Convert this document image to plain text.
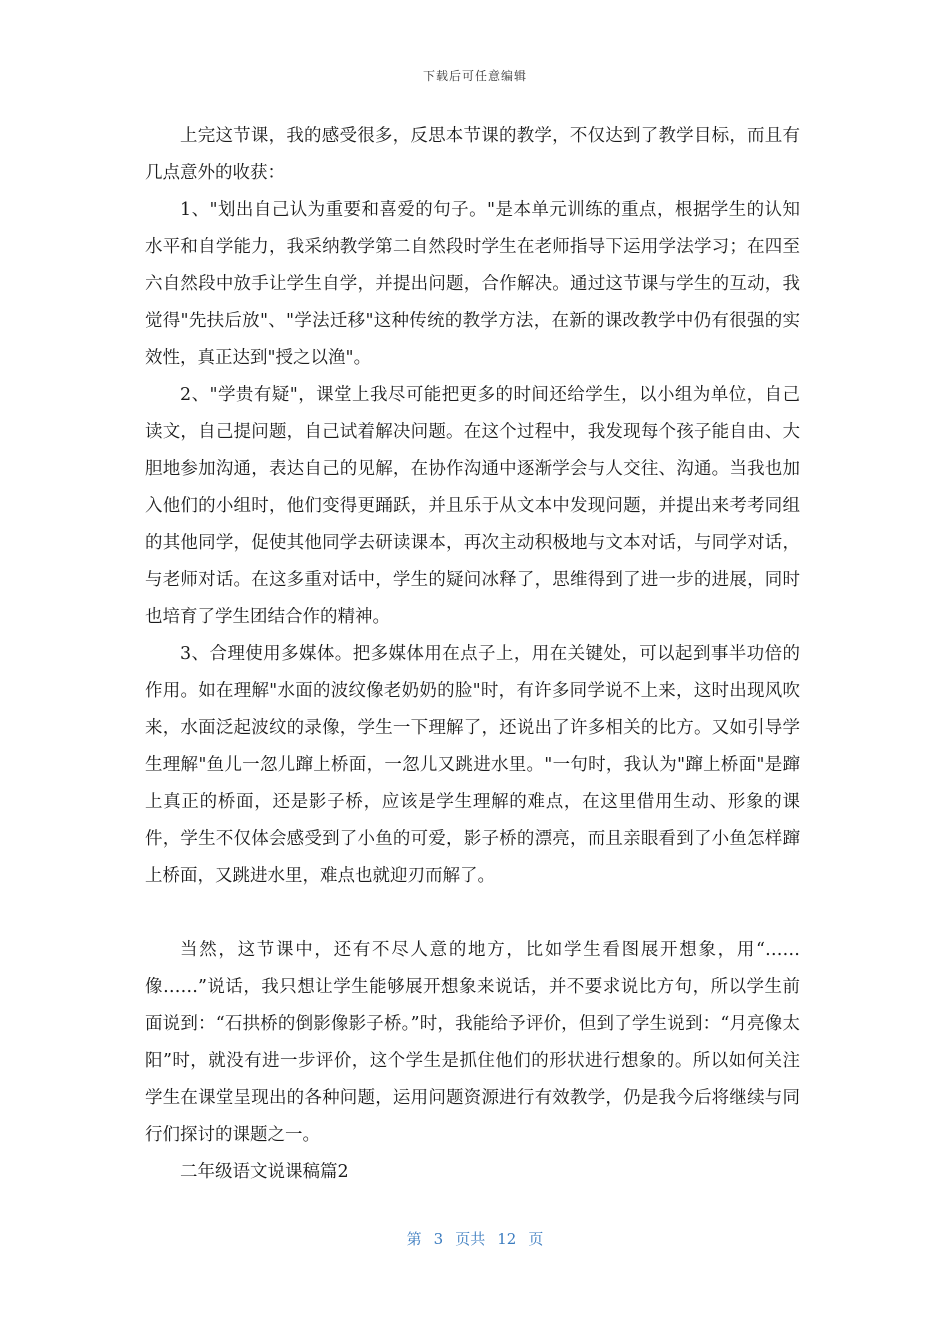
下载后可任意编辑

上完这节课，我的感受很多，反思本节课的教学，不仅达到了教学目标，而且有几点意外的收获：

1、"划出自己认为重要和喜爱的句子。"是本单元训练的重点，根据学生的认知水平和自学能力，我采纳教学第二自然段时学生在老师指导下运用学法学习；在四至六自然段中放手让学生自学，并提出问题，合作解决。通过这节课与学生的互动，我觉得"先扶后放"、"学法迁移"这种传统的教学方法，在新的课改教学中仍有很强的实效性，真正达到"授之以渔"。

2、"学贵有疑"，课堂上我尽可能把更多的时间还给学生，以小组为单位，自己读文，自己提问题，自己试着解决问题。在这个过程中，我发现每个孩子能自由、大胆地参加沟通，表达自己的见解，在协作沟通中逐渐学会与人交往、沟通。当我也加入他们的小组时，他们变得更踊跃，并且乐于从文本中发现问题，并提出来考考同组的其他同学，促使其他同学去研读课本，再次主动积极地与文本对话，与同学对话，与老师对话。在这多重对话中，学生的疑问冰释了，思维得到了进一步的进展，同时也培育了学生团结合作的精神。

3、合理使用多媒体。把多媒体用在点子上，用在关键处，可以起到事半功倍的作用。如在理解"水面的波纹像老奶奶的脸"时，有许多同学说不上来，这时出现风吹来，水面泛起波纹的录像，学生一下理解了，还说出了许多相关的比方。又如引导学生理解"鱼儿一忽儿蹿上桥面，一忽儿又跳进水里。"一句时，我认为"蹿上桥面"是蹿上真正的桥面，还是影子桥，应该是学生理解的难点，在这里借用生动、形象的课件，学生不仅体会感受到了小鱼的可爱，影子桥的漂亮，而且亲眼看到了小鱼怎样蹿上桥面，又跳进水里，难点也就迎刃而解了。

当然，这节课中，还有不尽人意的地方，比如学生看图展开想象，用“……像……”说话，我只想让学生能够展开想象来说话，并不要求说比方句，所以学生前面说到：“石拱桥的倒影像影子桥。”时，我能给予评价，但到了学生说到：“月亮像太阳”时，就没有进一步评价，这个学生是抓住他们的形状进行想象的。所以如何关注学生在课堂呈现出的各种问题，运用问题资源进行有效教学，仍是我今后将继续与同行们探讨的课题之一。

二年级语文说课稿篇2

第 3 页共 12 页
